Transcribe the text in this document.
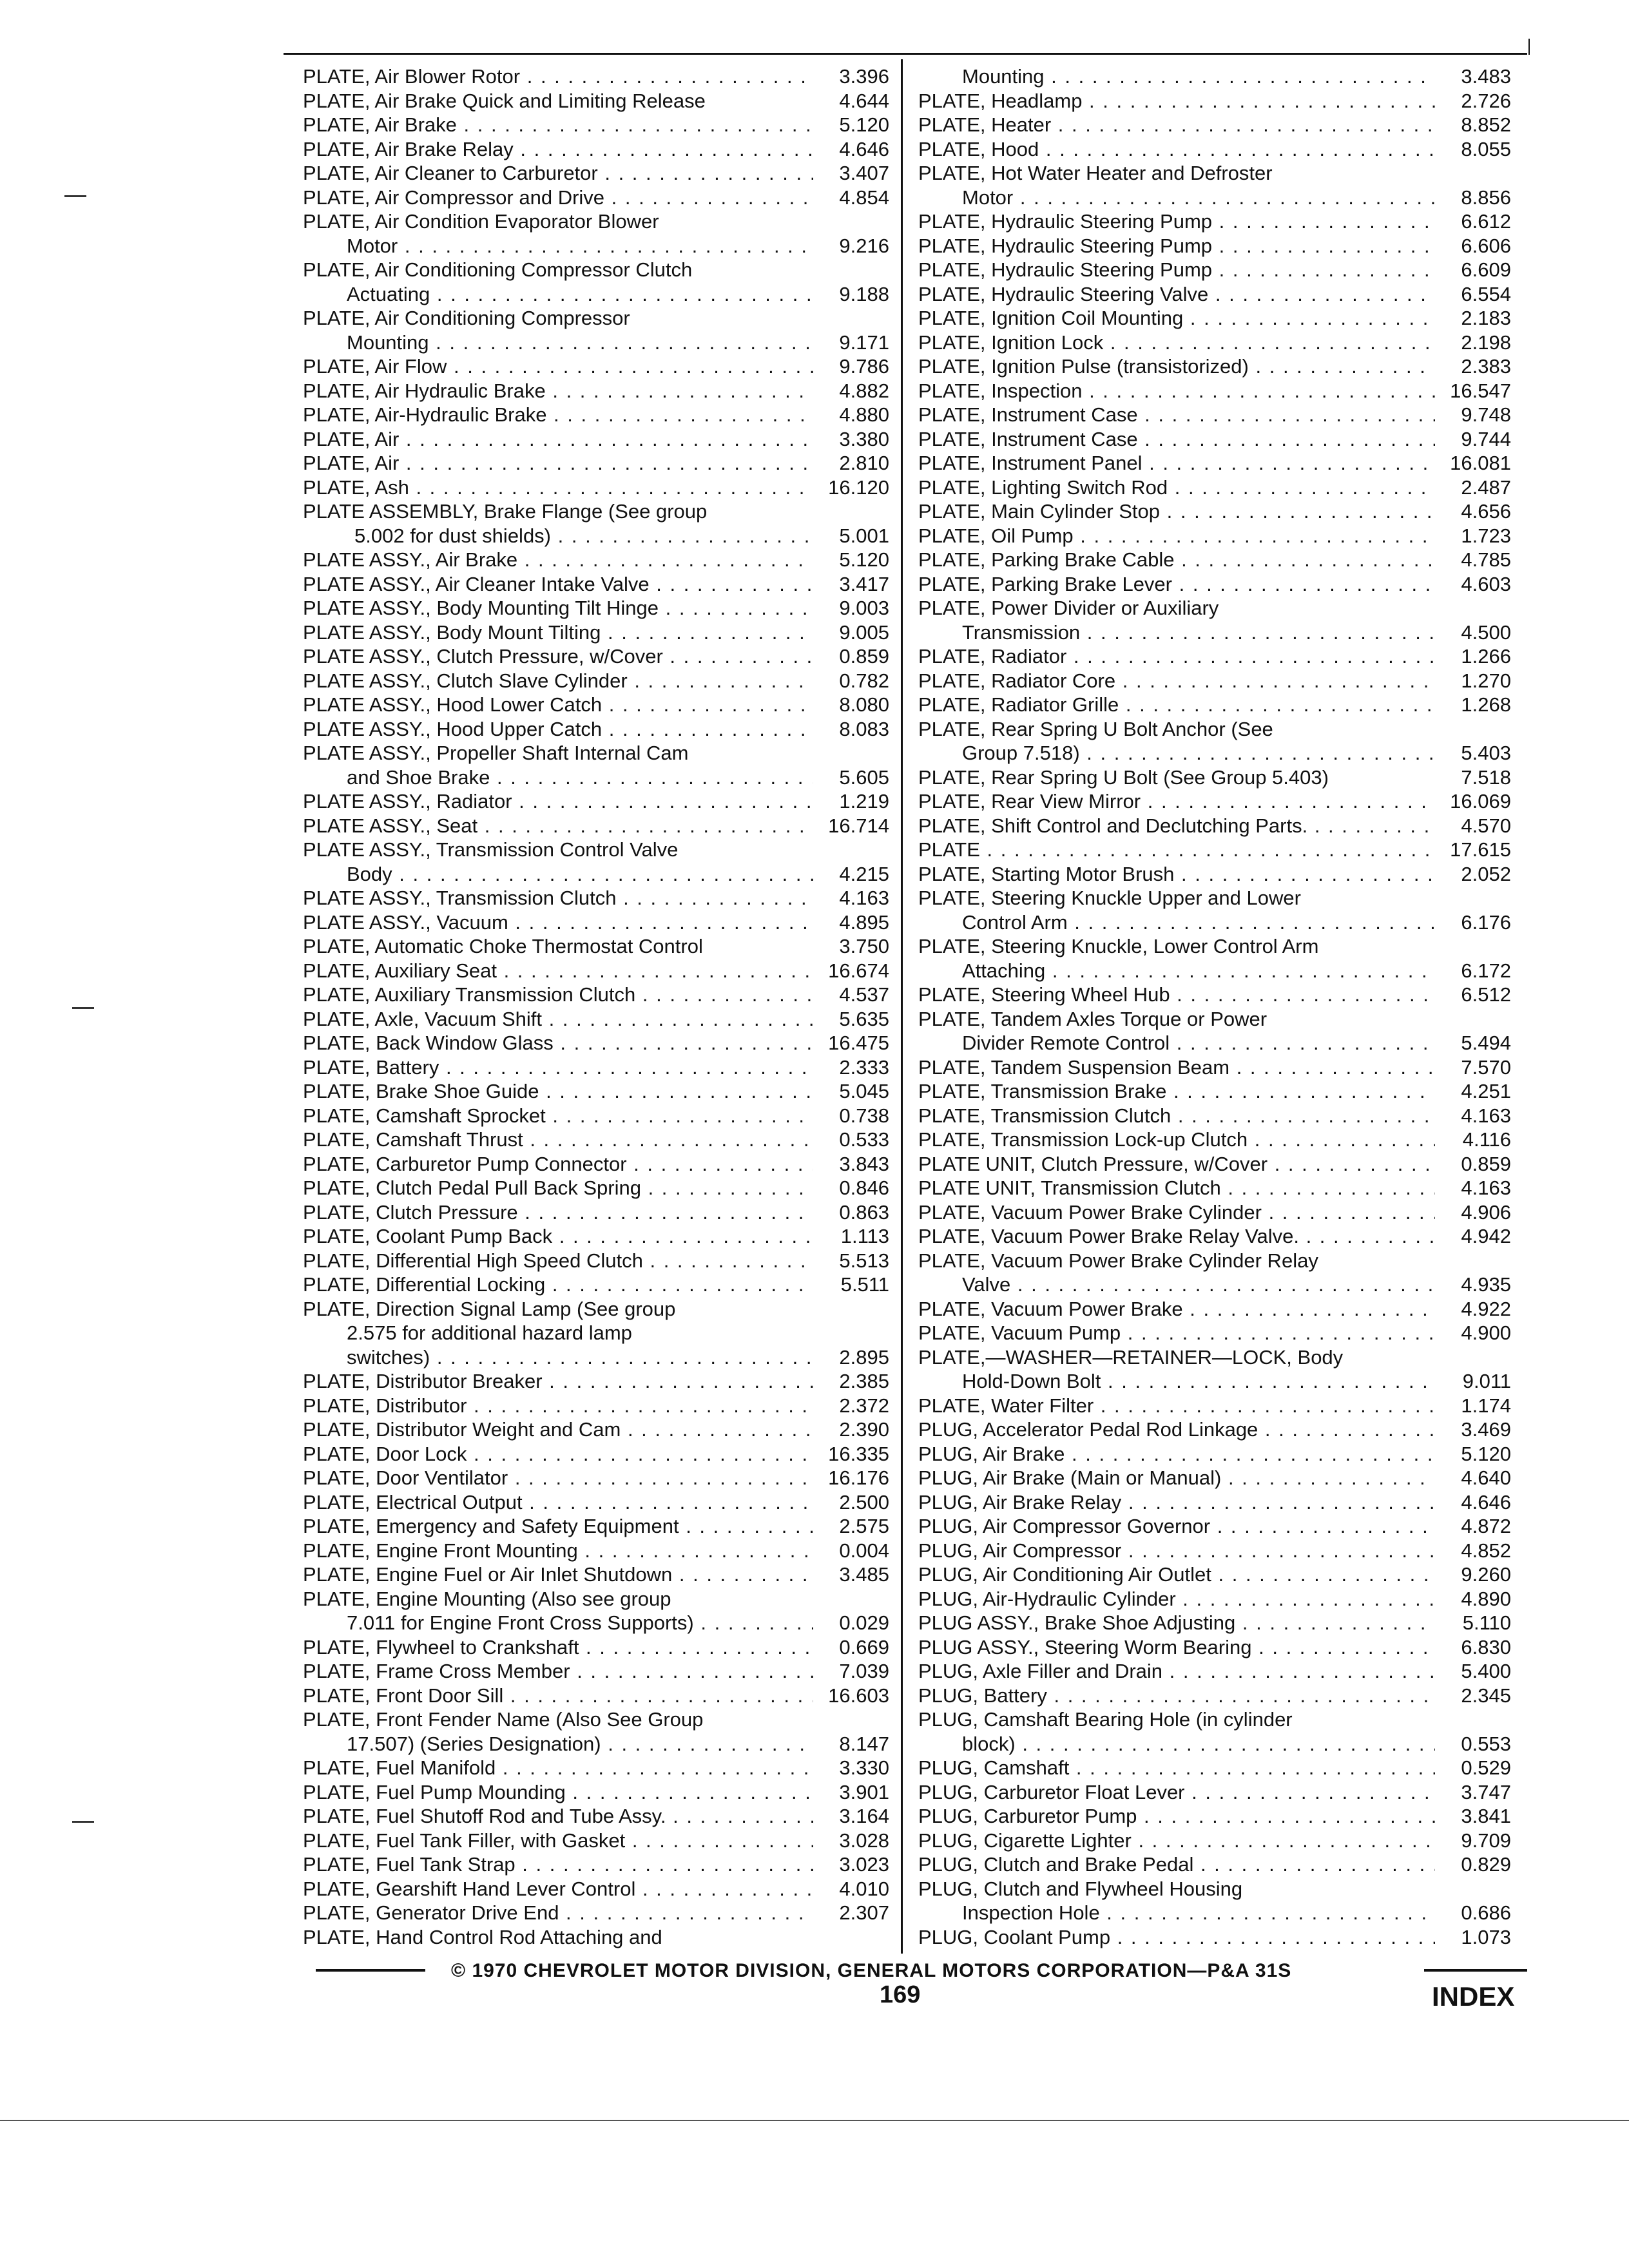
PLATE, Air Blower Rotor . . .	3.396
PLATE, Air Brake Quick and Limiting Release	4.644
PLATE, Air Brake . . .	5.120
PLATE, Air Brake Relay . . .	4.646
PLATE, Air Cleaner to Carburetor . . .	3.407
PLATE, Air Compressor and Drive . . .	4.854
PLATE, Air Condition Evaporator Blower
Motor . . .	9.216
PLATE, Air Conditioning Compressor Clutch
Actuating . . .	9.188
PLATE, Air Conditioning Compressor
Mounting . . .	9.171
PLATE, Air Flow . . .	9.786
PLATE, Air Hydraulic Brake . . .	4.882
PLATE, Air-Hydraulic Brake . . .	4.880
PLATE, Air . . .	3.380
PLATE, Air . . .	2.810
PLATE, Ash . . .	16.120
PLATE ASSEMBLY, Brake Flange (See group
5.002 for dust shields) . . .	5.001
PLATE ASSY., Air Brake . . .	5.120
PLATE ASSY., Air Cleaner Intake Valve . . .	3.417
PLATE ASSY., Body Mounting Tilt Hinge . . .	9.003
PLATE ASSY., Body Mount Tilting . . .	9.005
PLATE ASSY., Clutch Pressure, w/Cover . . .	0.859
PLATE ASSY., Clutch Slave Cylinder . . .	0.782
PLATE ASSY., Hood Lower Catch . . .	8.080
PLATE ASSY., Hood Upper Catch . . .	8.083
PLATE ASSY., Propeller Shaft Internal Cam
and Shoe Brake . . .	5.605
PLATE ASSY., Radiator . . .	1.219
PLATE ASSY., Seat . . .	16.714
PLATE ASSY., Transmission Control Valve
Body . . .	4.215
PLATE ASSY., Transmission Clutch . . .	4.163
PLATE ASSY., Vacuum . . .	4.895
PLATE, Automatic Choke Thermostat Control	3.750
PLATE, Auxiliary Seat . . .	16.674
PLATE, Auxiliary Transmission Clutch . . .	4.537
PLATE, Axle, Vacuum Shift . . .	5.635
PLATE, Back Window Glass . . .	16.475
PLATE, Battery . . .	2.333
PLATE, Brake Shoe Guide . . .	5.045
PLATE, Camshaft Sprocket . . .	0.738
PLATE, Camshaft Thrust . . .	0.533
PLATE, Carburetor Pump Connector . . .	3.843
PLATE, Clutch Pedal Pull Back Spring . . .	0.846
PLATE, Clutch Pressure . . .	0.863
PLATE, Coolant Pump Back . . .	1.113
PLATE, Differential High Speed Clutch . . .	5.513
PLATE, Differential Locking . . .	5.511
PLATE, Direction Signal Lamp (See group
2.575 for additional hazard lamp
switches) . . .	2.895
PLATE, Distributor Breaker . . .	2.385
PLATE, Distributor . . .	2.372
PLATE, Distributor Weight and Cam . . .	2.390
PLATE, Door Lock . . .	16.335
PLATE, Door Ventilator . . .	16.176
PLATE, Electrical Output . . .	2.500
PLATE, Emergency and Safety Equipment . . .	2.575
PLATE, Engine Front Mounting . . .	0.004
PLATE, Engine Fuel or Air Inlet Shutdown . . .	3.485
PLATE, Engine Mounting (Also see group
7.011 for Engine Front Cross Supports) . . .	0.029
PLATE, Flywheel to Crankshaft . . .	0.669
PLATE, Frame Cross Member . . .	7.039
PLATE, Front Door Sill . . .	16.603
PLATE, Front Fender Name (Also See Group
17.507) (Series Designation) . . .	8.147
PLATE, Fuel Manifold . . .	3.330
PLATE, Fuel Pump Mounding . . .	3.901
PLATE, Fuel Shutoff Rod and Tube Assy. . . .	3.164
PLATE, Fuel Tank Filler, with Gasket . . .	3.028
PLATE, Fuel Tank Strap . . .	3.023
PLATE, Gearshift Hand Lever Control . . .	4.010
PLATE, Generator Drive End . . .	2.307
PLATE, Hand Control Rod Attaching and
Mounting . . .	3.483
PLATE, Headlamp . . .	2.726
PLATE, Heater . . .	8.852
PLATE, Hood . . .	8.055
PLATE, Hot Water Heater and Defroster
Motor . . .	8.856
PLATE, Hydraulic Steering Pump . . .	6.612
PLATE, Hydraulic Steering Pump . . .	6.606
PLATE, Hydraulic Steering Pump . . .	6.609
PLATE, Hydraulic Steering Valve . . .	6.554
PLATE, Ignition Coil Mounting . . .	2.183
PLATE, Ignition Lock . . .	2.198
PLATE, Ignition Pulse (transistorized) . . .	2.383
PLATE, Inspection . . .	16.547
PLATE, Instrument Case . . .	9.748
PLATE, Instrument Case . . .	9.744
PLATE, Instrument Panel . . .	16.081
PLATE, Lighting Switch Rod . . .	2.487
PLATE, Main Cylinder Stop . . .	4.656
PLATE, Oil Pump . . .	1.723
PLATE, Parking Brake Cable . . .	4.785
PLATE, Parking Brake Lever . . .	4.603
PLATE, Power Divider or Auxiliary
Transmission . . .	4.500
PLATE, Radiator . . .	1.266
PLATE, Radiator Core . . .	1.270
PLATE, Radiator Grille . . .	1.268
PLATE, Rear Spring U Bolt Anchor (See
Group 7.518) . . .	5.403
PLATE, Rear Spring U Bolt (See Group 5.403)	7.518
PLATE, Rear View Mirror . . .	16.069
PLATE, Shift Control and Declutching Parts. . . .	4.570
PLATE . . .	17.615
PLATE, Starting Motor Brush . . .	2.052
PLATE, Steering Knuckle Upper and Lower
Control Arm . . .	6.176
PLATE, Steering Knuckle, Lower Control Arm
Attaching . . .	6.172
PLATE, Steering Wheel Hub . . .	6.512
PLATE, Tandem Axles Torque or Power
Divider Remote Control . . .	5.494
PLATE, Tandem Suspension Beam . . .	7.570
PLATE, Transmission Brake . . .	4.251
PLATE, Transmission Clutch . . .	4.163
PLATE, Transmission Lock-up Clutch . . .	4.116
PLATE UNIT, Clutch Pressure, w/Cover . . .	0.859
PLATE UNIT, Transmission Clutch . . .	4.163
PLATE, Vacuum Power Brake Cylinder . . .	4.906
PLATE, Vacuum Power Brake Relay Valve. . . .	4.942
PLATE, Vacuum Power Brake Cylinder Relay
Valve . . .	4.935
PLATE, Vacuum Power Brake . . .	4.922
PLATE, Vacuum Pump . . .	4.900
PLATE,—WASHER—RETAINER—LOCK, Body
Hold-Down Bolt . . .	9.011
PLATE, Water Filter . . .	1.174
PLUG, Accelerator Pedal Rod Linkage . . .	3.469
PLUG, Air Brake . . .	5.120
PLUG, Air Brake (Main or Manual) . . .	4.640
PLUG, Air Brake Relay . . .	4.646
PLUG, Air Compressor Governor . . .	4.872
PLUG, Air Compressor . . .	4.852
PLUG, Air Conditioning Air Outlet . . .	9.260
PLUG, Air-Hydraulic Cylinder . . .	4.890
PLUG ASSY., Brake Shoe Adjusting . . .	5.110
PLUG ASSY., Steering Worm Bearing . . .	6.830
PLUG, Axle Filler and Drain . . .	5.400
PLUG, Battery . . .	2.345
PLUG, Camshaft Bearing Hole (in cylinder
block) . . .	0.553
PLUG, Camshaft . . .	0.529
PLUG, Carburetor Float Lever . . .	3.747
PLUG, Carburetor Pump . . .	3.841
PLUG, Cigarette Lighter . . .	9.709
PLUG, Clutch and Brake Pedal . . .	0.829
PLUG, Clutch and Flywheel Housing
Inspection Hole . . .	0.686
PLUG, Coolant Pump . . .	1.073
© 1970 CHEVROLET MOTOR DIVISION, GENERAL MOTORS CORPORATION—P&A 31S
169	INDEX
